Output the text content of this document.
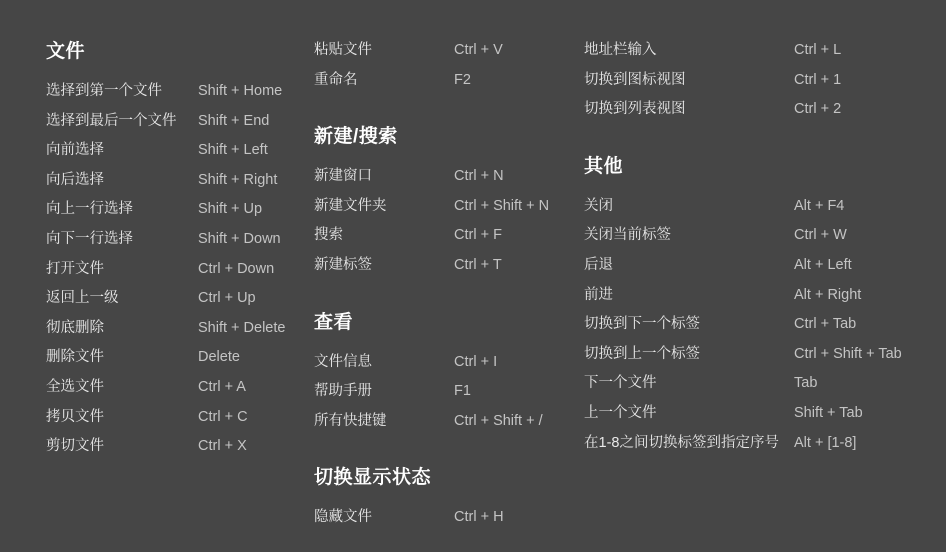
文件
选择到第一个文件	Shift + Home
选择到最后一个文件	Shift + End
向前选择	Shift + Left
向后选择	Shift + Right
向上一行选择	Shift + Up
向下一行选择	Shift + Down
打开文件	Ctrl + Down
返回上一级	Ctrl + Up
彻底删除	Shift + Delete
删除文件	Delete
全选文件	Ctrl + A
拷贝文件	Ctrl + C
剪切文件	Ctrl + X
粘贴文件	Ctrl + V
重命名	F2
新建/搜索
新建窗口	Ctrl + N
新建文件夹	Ctrl + Shift + N
搜索	Ctrl + F
新建标签	Ctrl + T
查看
文件信息	Ctrl + I
帮助手册	F1
所有快捷键	Ctrl + Shift + /
切换显示状态
隐藏文件	Ctrl + H
地址栏输入	Ctrl + L
切换到图标视图	Ctrl + 1
切换到列表视图	Ctrl + 2
其他
关闭	Alt + F4
关闭当前标签	Ctrl + W
后退	Alt + Left
前进	Alt + Right
切换到下一个标签	Ctrl + Tab
切换到上一个标签	Ctrl + Shift + Tab
下一个文件	Tab
上一个文件	Shift + Tab
在1-8之间切换标签到指定序号	Alt + [1-8]
